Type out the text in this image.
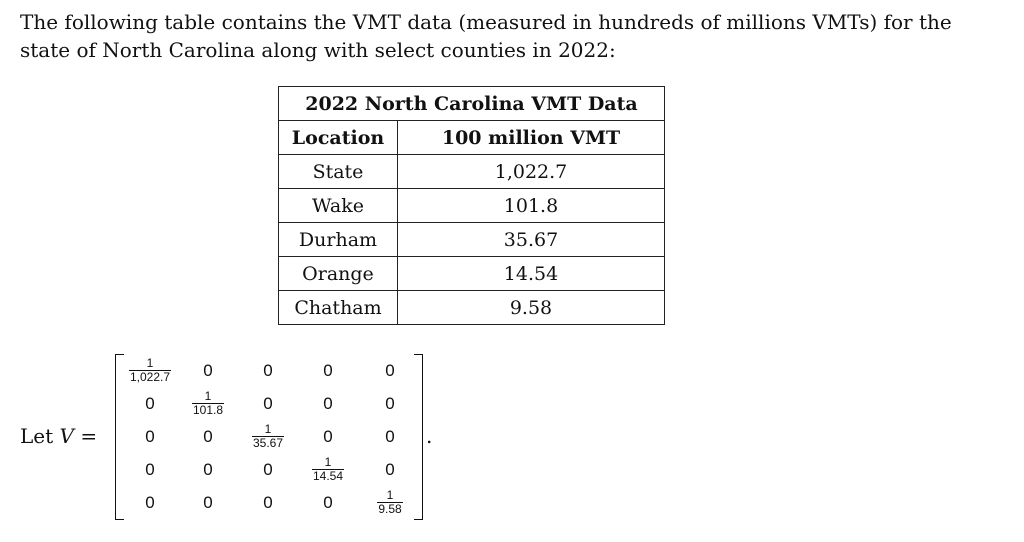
The following table contains the VMT data (measured in hundreds of millions VMTs) for the state of North Carolina along with select counties in 2022:

2022 North Carolina VMT Data	
Location	100 million VMT
State	1,022.7
Wake	101.8
Durham	35.67
Orange	14.54
Chatham	9.58
Let V =
$\frac{1}{1,022.7}$	0	0	0	0
0	$\frac{1}{101.8}$	0	0	0
0	0	$\frac{1}{35.67}$	0	0
0	0	0	$\frac{1}{14.54}$	0
0	0	0	0	$\frac{1}{9.58}$
.
